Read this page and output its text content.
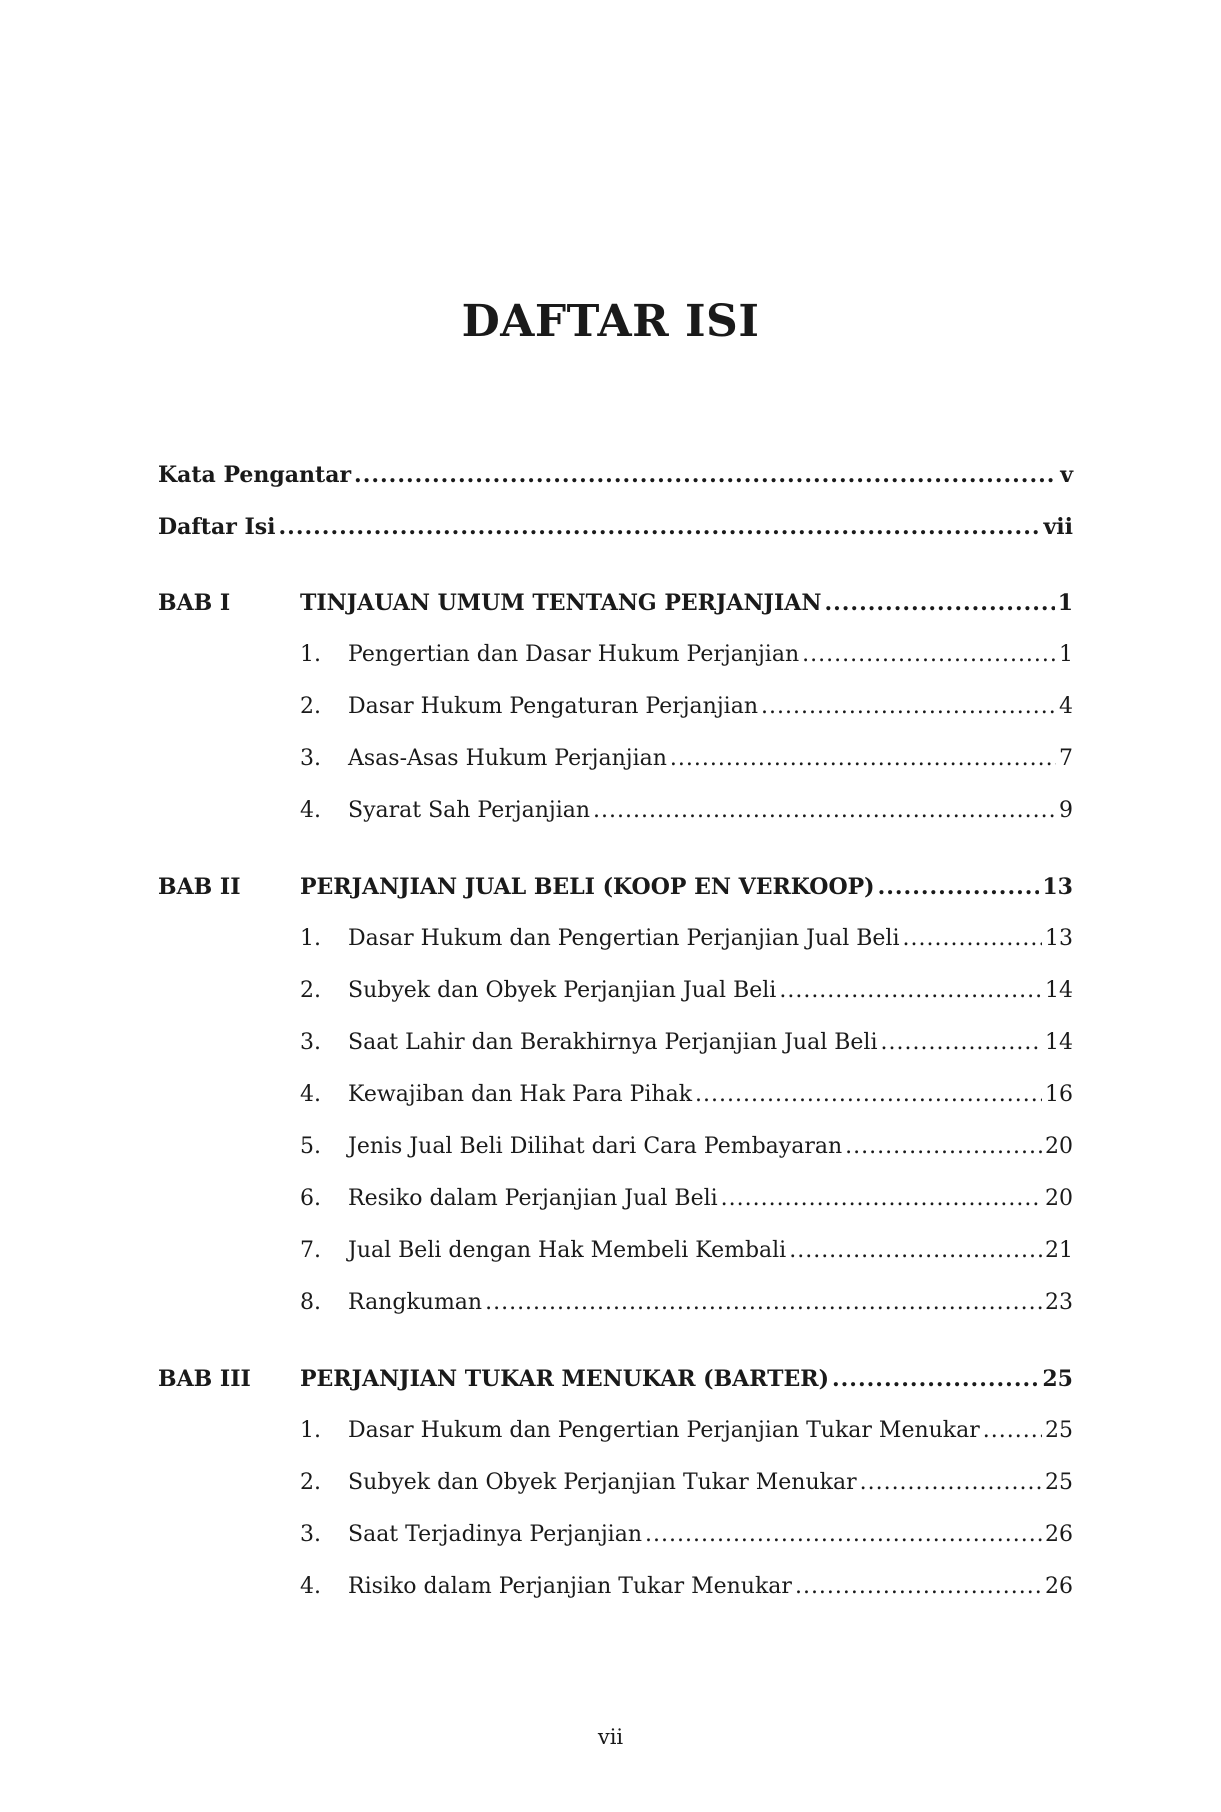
DAFTAR ISI
Kata Pengantar .....	v
Daftar Isi .....	vii
BAB I	TINJAUAN UMUM TENTANG PERJANJIAN .....	1
1.	Pengertian dan Dasar Hukum Perjanjian .....	1
2.	Dasar Hukum Pengaturan Perjanjian .....	4
3.	Asas-Asas Hukum Perjanjian .....	7
4.	Syarat Sah Perjanjian .....	9
BAB II	PERJANJIAN JUAL BELI (KOOP EN VERKOOP) .....	13
1.	Dasar Hukum dan Pengertian Perjanjian Jual Beli .....	13
2.	Subyek dan Obyek Perjanjian Jual Beli .....	14
3.	Saat Lahir dan Berakhirnya Perjanjian Jual Beli .....	14
4.	Kewajiban dan Hak Para Pihak .....	16
5.	Jenis Jual Beli Dilihat dari Cara Pembayaran .....	20
6.	Resiko dalam Perjanjian Jual Beli .....	20
7.	Jual Beli dengan Hak Membeli Kembali .....	21
8.	Rangkuman .....	23
BAB III	PERJANJIAN TUKAR MENUKAR (BARTER) .....	25
1.	Dasar Hukum dan Pengertian Perjanjian Tukar Menukar .....	25
2.	Subyek dan Obyek Perjanjian Tukar Menukar .....	25
3.	Saat Terjadinya Perjanjian .....	26
4.	Risiko dalam Perjanjian Tukar Menukar .....	26
vii
